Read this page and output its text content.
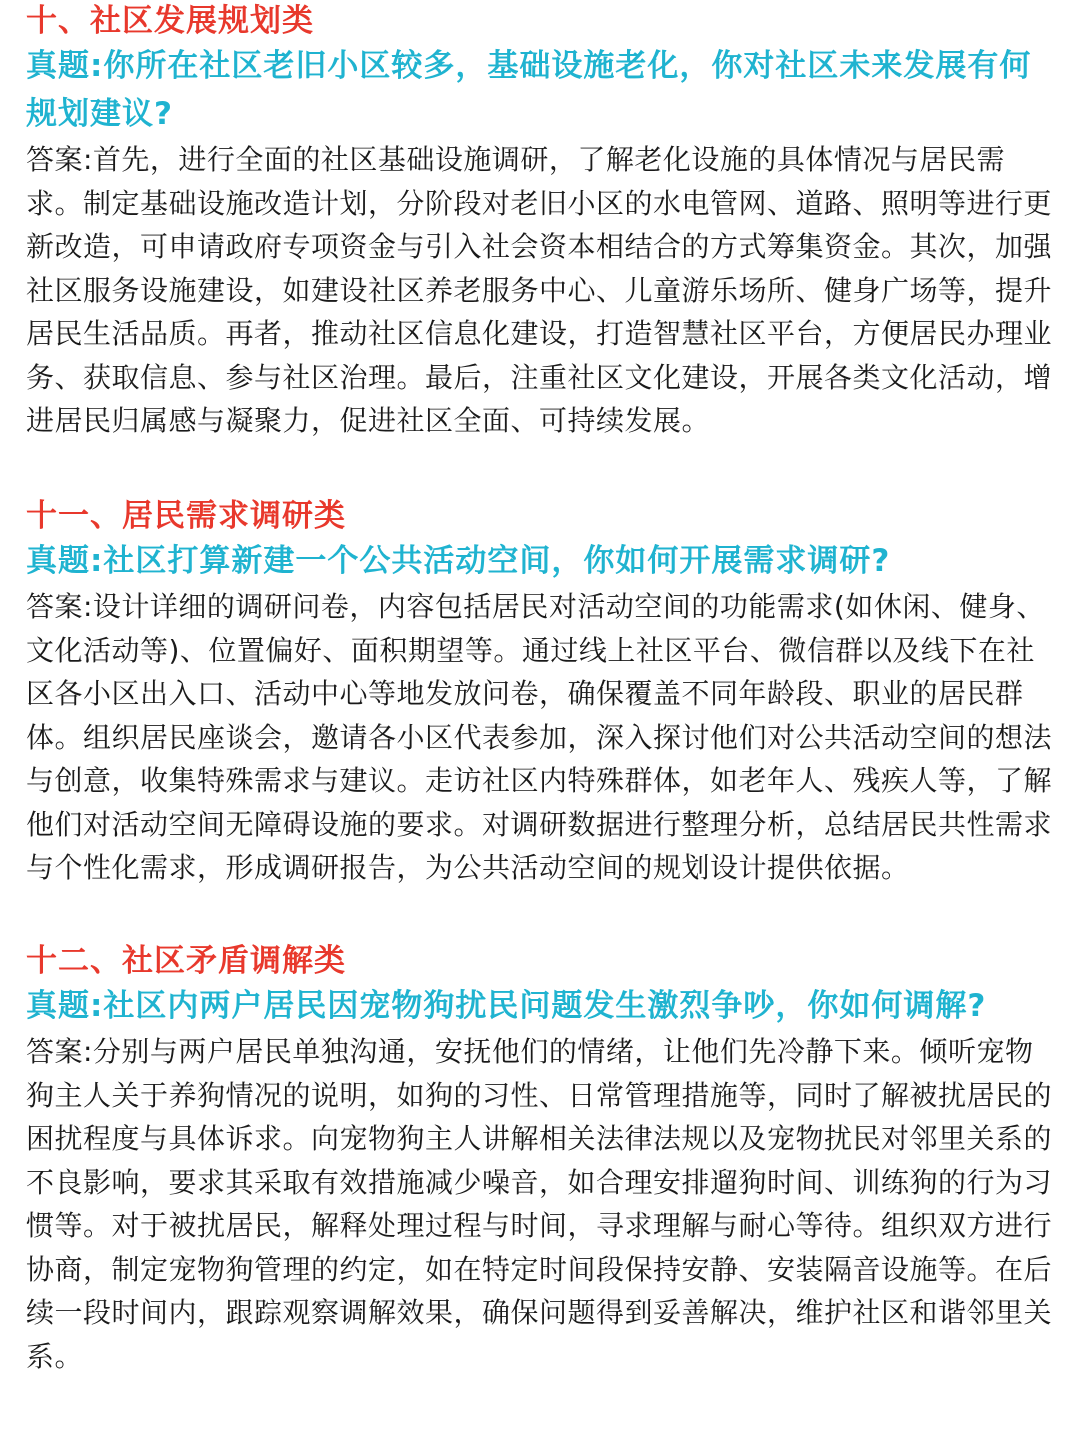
十、社区发展规划类

真题:你所在社区老旧小区较多，基础设施老化，你对社区未来发展有何规划建议?

答案:首先，进行全面的社区基础设施调研，了解老化设施的具体情况与居民需求。制定基础设施改造计划，分阶段对老旧小区的水电管网、道路、照明等进行更新改造，可申请政府专项资金与引入社会资本相结合的方式筹集资金。其次，加强社区服务设施建设，如建设社区养老服务中心、儿童游乐场所、健身广场等，提升居民生活品质。再者，推动社区信息化建设，打造智慧社区平台，方便居民办理业务、获取信息、参与社区治理。最后，注重社区文化建设，开展各类文化活动，增进居民归属感与凝聚力，促进社区全面、可持续发展。

十一、居民需求调研类

真题:社区打算新建一个公共活动空间，你如何开展需求调研?

答案:设计详细的调研问卷，内容包括居民对活动空间的功能需求(如休闲、健身、文化活动等)、位置偏好、面积期望等。通过线上社区平台、微信群以及线下在社区各小区出入口、活动中心等地发放问卷，确保覆盖不同年龄段、职业的居民群体。组织居民座谈会，邀请各小区代表参加，深入探讨他们对公共活动空间的想法与创意，收集特殊需求与建议。走访社区内特殊群体，如老年人、残疾人等，了解他们对活动空间无障碍设施的要求。对调研数据进行整理分析，总结居民共性需求与个性化需求，形成调研报告，为公共活动空间的规划设计提供依据。

十二、社区矛盾调解类

真题:社区内两户居民因宠物狗扰民问题发生激烈争吵，你如何调解?

答案:分别与两户居民单独沟通，安抚他们的情绪，让他们先冷静下来。倾听宠物狗主人关于养狗情况的说明，如狗的习性、日常管理措施等，同时了解被扰居民的困扰程度与具体诉求。向宠物狗主人讲解相关法律法规以及宠物扰民对邻里关系的不良影响，要求其采取有效措施减少噪音，如合理安排遛狗时间、训练狗的行为习惯等。对于被扰居民，解释处理过程与时间，寻求理解与耐心等待。组织双方进行协商，制定宠物狗管理的约定，如在特定时间段保持安静、安装隔音设施等。在后续一段时间内，跟踪观察调解效果，确保问题得到妥善解决，维护社区和谐邻里关系。
